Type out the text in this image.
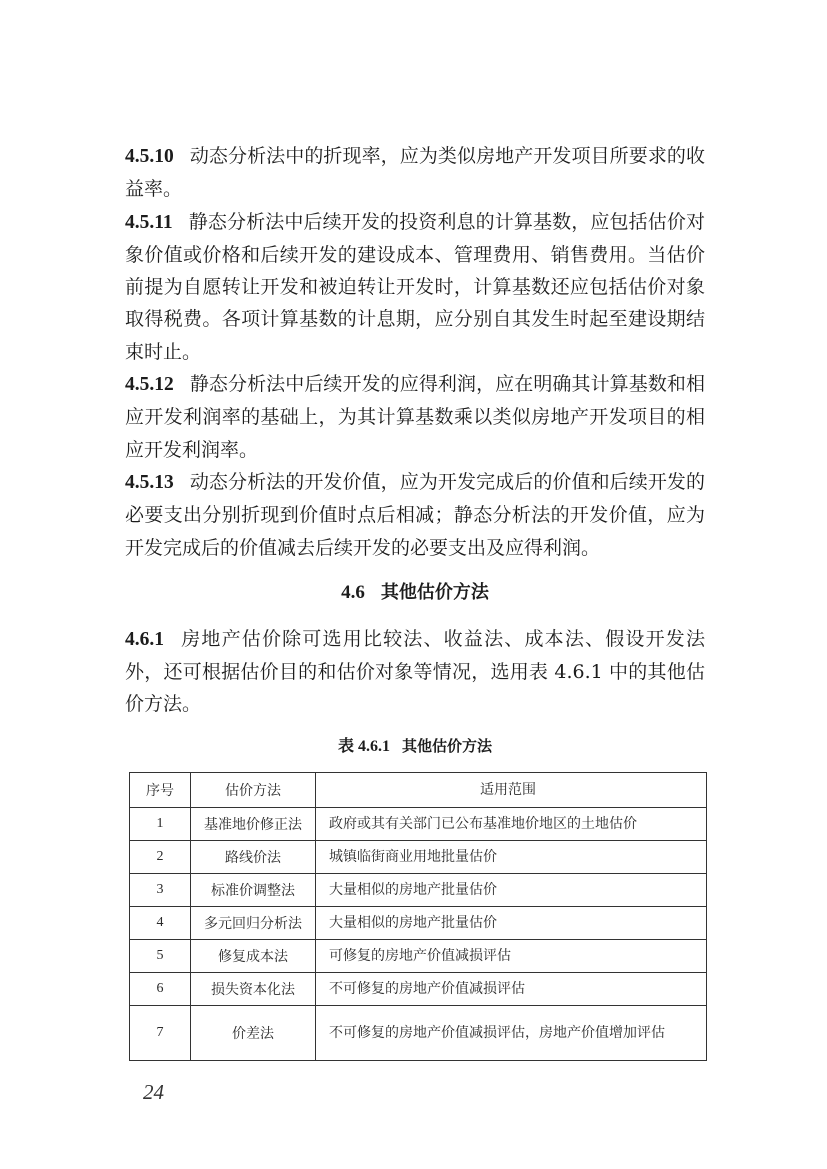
4.5.10 动态分析法中的折现率，应为类似房地产开发项目所要求的收益率。

4.5.11 静态分析法中后续开发的投资利息的计算基数，应包括估价对象价值或价格和后续开发的建设成本、管理费用、销售费用。当估价前提为自愿转让开发和被迫转让开发时，计算基数还应包括估价对象取得税费。各项计算基数的计息期，应分别自其发生时起至建设期结束时止。

4.5.12 静态分析法中后续开发的应得利润，应在明确其计算基数和相应开发利润率的基础上，为其计算基数乘以类似房地产开发项目的相应开发利润率。

4.5.13 动态分析法的开发价值，应为开发完成后的价值和后续开发的必要支出分别折现到价值时点后相减；静态分析法的开发价值，应为开发完成后的价值减去后续开发的必要支出及应得利润。

4.6 其他估价方法

4.6.1 房地产估价除可选用比较法、收益法、成本法、假设开发法外，还可根据估价目的和估价对象等情况，选用表 4.6.1 中的其他估价方法。

表 4.6.1 其他估价方法
序号	估价方法	适用范围
1	基准地价修正法	政府或其有关部门已公布基准地价地区的土地估价
2	路线价法	城镇临街商业用地批量估价
3	标准价调整法	大量相似的房地产批量估价
4	多元回归分析法	大量相似的房地产批量估价
5	修复成本法	可修复的房地产价值减损评估
6	损失资本化法	不可修复的房地产价值减损评估
7	价差法	不可修复的房地产价值减损评估，房地产价值增加评估
24
